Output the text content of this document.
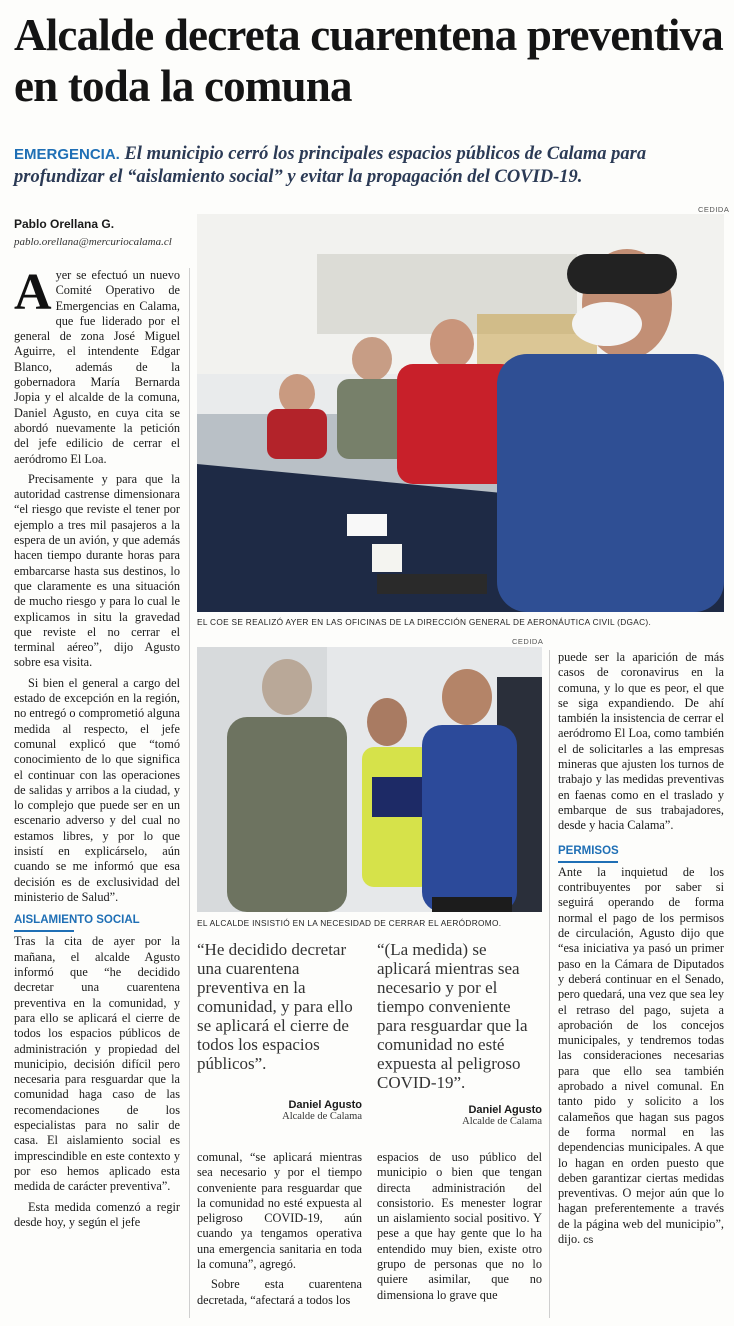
Alcalde decreta cuarentena preventiva en toda la comuna

EMERGENCIA. El municipio cerró los principales espacios públicos de Calama para profundizar el “aislamiento social” y evitar la propagación del COVID-19.

Pablo Orellana G.
pablo.orellana@mercuriocalama.cl
CEDIDA
EL COE SE REALIZÓ AYER EN LAS OFICINAS DE LA DIRECCIÓN GENERAL DE AERONÁUTICA CIVIL (DGAC).
CEDIDA
EL ALCALDE INSISTIÓ EN LA NECESIDAD DE CERRAR EL AERÓDROMO.

Ayer se efectuó un nuevo Comité Operativo de Emergencias en Calama, que fue liderado por el general de zona José Miguel Aguirre, el intendente Edgar Blanco, además de la gobernadora María Bernarda Jopia y el alcalde de la comuna, Daniel Agusto, en cuya cita se abordó nuevamente la petición del jefe edilicio de cerrar el aeródromo El Loa.

Precisamente y para que la autoridad castrense dimensionara “el riesgo que reviste el tener por ejemplo a tres mil pasajeros a la espera de un avión, y que además hacen tiempo durante horas para embarcarse hasta sus destinos, lo que claramente es una situación de mucho riesgo y para lo cual le explicamos in situ la gravedad que reviste el no cerrar el terminal aéreo”, dijo Agusto sobre esa visita.

Si bien el general a cargo del estado de excepción en la región, no entregó o comprometió alguna medida al respecto, el jefe comunal explicó que “tomó conocimiento de lo que significa el continuar con las operaciones de salidas y arribos a la ciudad, y lo complejo que puede ser en un escenario adverso y del cual no estamos libres, y por lo que insistí en explicárselo, aún cuando se me informó que esa decisión es de exclusividad del ministerio de Salud”.

AISLAMIENTO SOCIAL

Tras la cita de ayer por la mañana, el alcalde Agusto informó que “he decidido decretar una cuarentena preventiva en la comunidad, y para ello se aplicará el cierre de todos los espacios públicos de administración y propiedad del municipio, decisión difícil pero necesaria para resguardar que la comunidad haga caso de las recomendaciones de los especialistas para no salir de casa. El aislamiento social es imprescindible en este contexto y por eso hemos aplicado esta medida de carácter preventiva”.

Esta medida comenzó a regir desde hoy, y según el jefe

“He decidido decretar una cuarentena preventiva en la comunidad, y para ello se aplicará el cierre de todos los espacios públicos”.
Daniel Agusto
Alcalde de Calama
“(La medida) se aplicará mientras sea necesario y por el tiempo conveniente para resguardar que la comunidad no esté expuesta al peligroso COVID-19”.
Daniel Agusto
Alcalde de Calama

comunal, “se aplicará mientras sea necesario y por el tiempo conveniente para resguardar que la comunidad no esté expuesta al peligroso COVID-19, aún cuando ya tengamos operativa una emergencia sanitaria en toda la comuna”, agregó.

Sobre esta cuarentena decretada, “afectará a todos los

espacios de uso público del municipio o bien que tengan directa administración del consistorio. Es menester lograr un aislamiento social positivo. Y pese a que hay gente que lo ha entendido muy bien, existe otro grupo de personas que no lo quiere asimilar, que no dimensiona lo grave que

puede ser la aparición de más casos de coronavirus en la comuna, y lo que es peor, el que se siga expandiendo. De ahí también la insistencia de cerrar el aeródromo El Loa, como también el de solicitarles a las empresas mineras que ajusten los turnos de trabajo y las medidas preventivas en faenas como en el traslado y embarque de sus trabajadores, desde y hacia Calama”.

PERMISOS

Ante la inquietud de los contribuyentes por saber si seguirá operando de forma normal el pago de los permisos de circulación, Agusto dijo que “esa iniciativa ya pasó un primer paso en la Cámara de Diputados y deberá continuar en el Senado, pero quedará, una vez que sea ley el retraso del pago, sujeta a aprobación de los concejos municipales, y tendremos todas las consideraciones necesarias para que ello sea también aprobado a nivel comunal. En tanto pido y solicito a los calameños que hagan sus pagos de forma normal en las dependencias municipales. A que lo hagan en orden puesto que deben garantizar ciertas medidas preventivas. O mejor aún que lo hagan preferentemente a través de la página web del municipio”, dijo. cs
